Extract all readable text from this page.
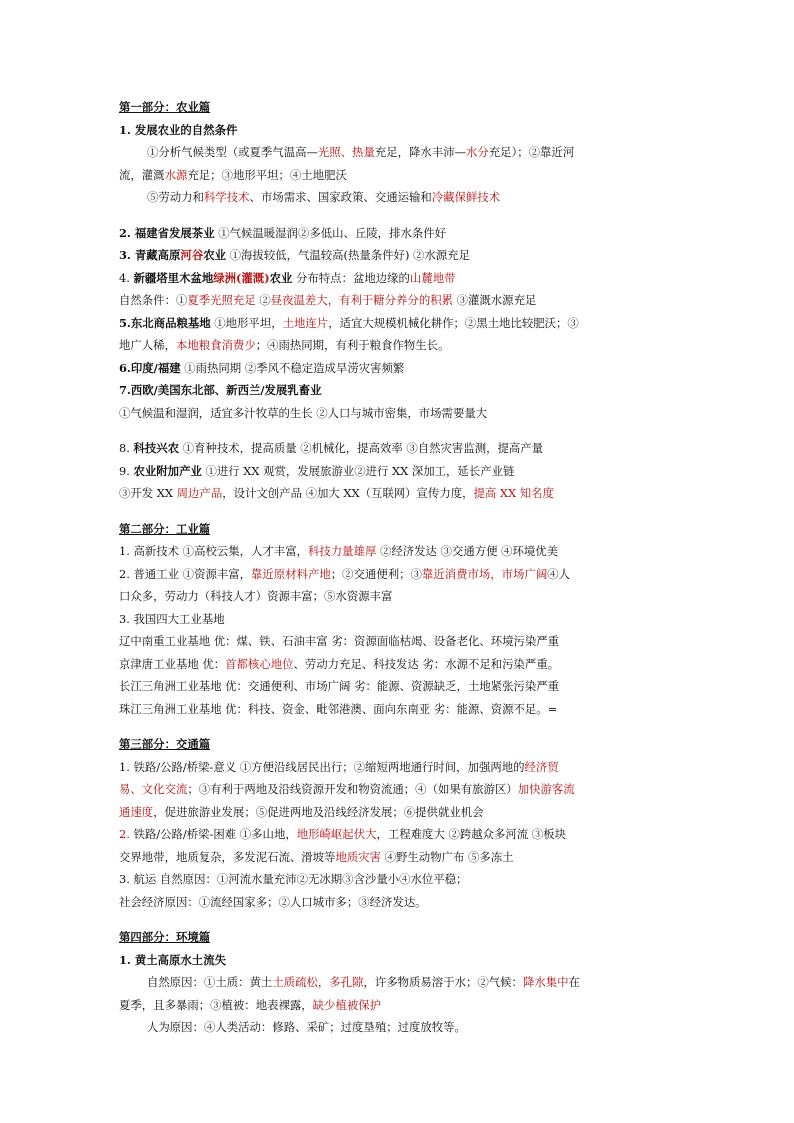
第一部分：农业篇
1. 发展农业的自然条件
①分析气候类型（或夏季气温高—光照、热量充足，降水丰沛—水分充足）；②靠近河
流，灌溉水源充足；③地形平坦；④土地肥沃
⑤劳动力和科学技术、市场需求、国家政策、交通运输和冷藏保鲜技术
2. 福建省发展茶业 ①气候温暖湿润②多低山、丘陵，排水条件好
3. 青藏高原河谷农业 ①海拔较低，气温较高(热量条件好) ②水源充足
4. 新疆塔里木盆地绿洲(灌溉)农业 分布特点：盆地边缘的山麓地带
自然条件：①夏季光照充足 ②昼夜温差大，有利于糖分养分的积累 ③灌溉水源充足
5.东北商品粮基地 ①地形平坦，土地连片，适宜大规模机械化耕作；②黑土地比较肥沃；③
地广人稀，本地粮食消费少；④雨热同期，有利于粮食作物生长。
6.印度/福建 ①雨热同期 ②季风不稳定造成旱涝灾害频繁
7.西欧/美国东北部、新西兰/发展乳畜业
①气候温和湿润，适宜多汁牧草的生长 ②人口与城市密集，市场需要量大
8. 科技兴农 ①育种技术，提高质量 ②机械化，提高效率 ③自然灾害监测，提高产量
9. 农业附加产业 ①进行 XX 观赏，发展旅游业②进行 XX 深加工，延长产业链
③开发 XX 周边产品，设计文创产品 ④加大 XX（互联网）宣传力度，提高 XX 知名度
第二部分：工业篇
1. 高新技术 ①高校云集，人才丰富，科技力量雄厚 ②经济发达 ③交通方便 ④环境优美
2. 普通工业 ①资源丰富，靠近原材料产地；②交通便利；③靠近消费市场，市场广阔④人
口众多，劳动力（科技人才）资源丰富；⑤水资源丰富
3. 我国四大工业基地
辽中南重工业基地 优：煤、铁、石油丰富 劣：资源面临枯竭、设备老化、环境污染严重
京津唐工业基地 优：首都核心地位、劳动力充足、科技发达 劣：水源不足和污染严重。
长江三角洲工业基地 优：交通便利、市场广阔 劣：能源、资源缺乏，土地紧张污染严重
珠江三角洲工业基地 优：科技、资金、毗邻港澳、面向东南亚 劣：能源、资源不足。=
第三部分：交通篇
1. 铁路/公路/桥梁-意义 ①方便沿线居民出行；②缩短两地通行时间，加强两地的经济贸
易、文化交流；③有利于两地及沿线资源开发和物资流通；④（如果有旅游区）加快游客流
通速度，促进旅游业发展；⑤促进两地及沿线经济发展；⑥提供就业机会
2. 铁路/公路/桥梁-困难 ①多山地，地形崎岖起伏大，工程难度大 ②跨越众多河流 ③板块
交界地带，地质复杂，多发泥石流、滑坡等地质灾害 ④野生动物广布 ⑤多冻土
3. 航运 自然原因：①河流水量充沛②无冰期③含沙量小④水位平稳；
社会经济原因：①流经国家多；②人口城市多；③经济发达。
第四部分：环境篇
1. 黄土高原水土流失
自然原因：①土质：黄土土质疏松，多孔隙，许多物质易溶于水；②气候：降水集中在
夏季，且多暴雨；③植被：地表裸露，缺少植被保护
人为原因：④人类活动：修路、采矿；过度垦殖；过度放牧等。
